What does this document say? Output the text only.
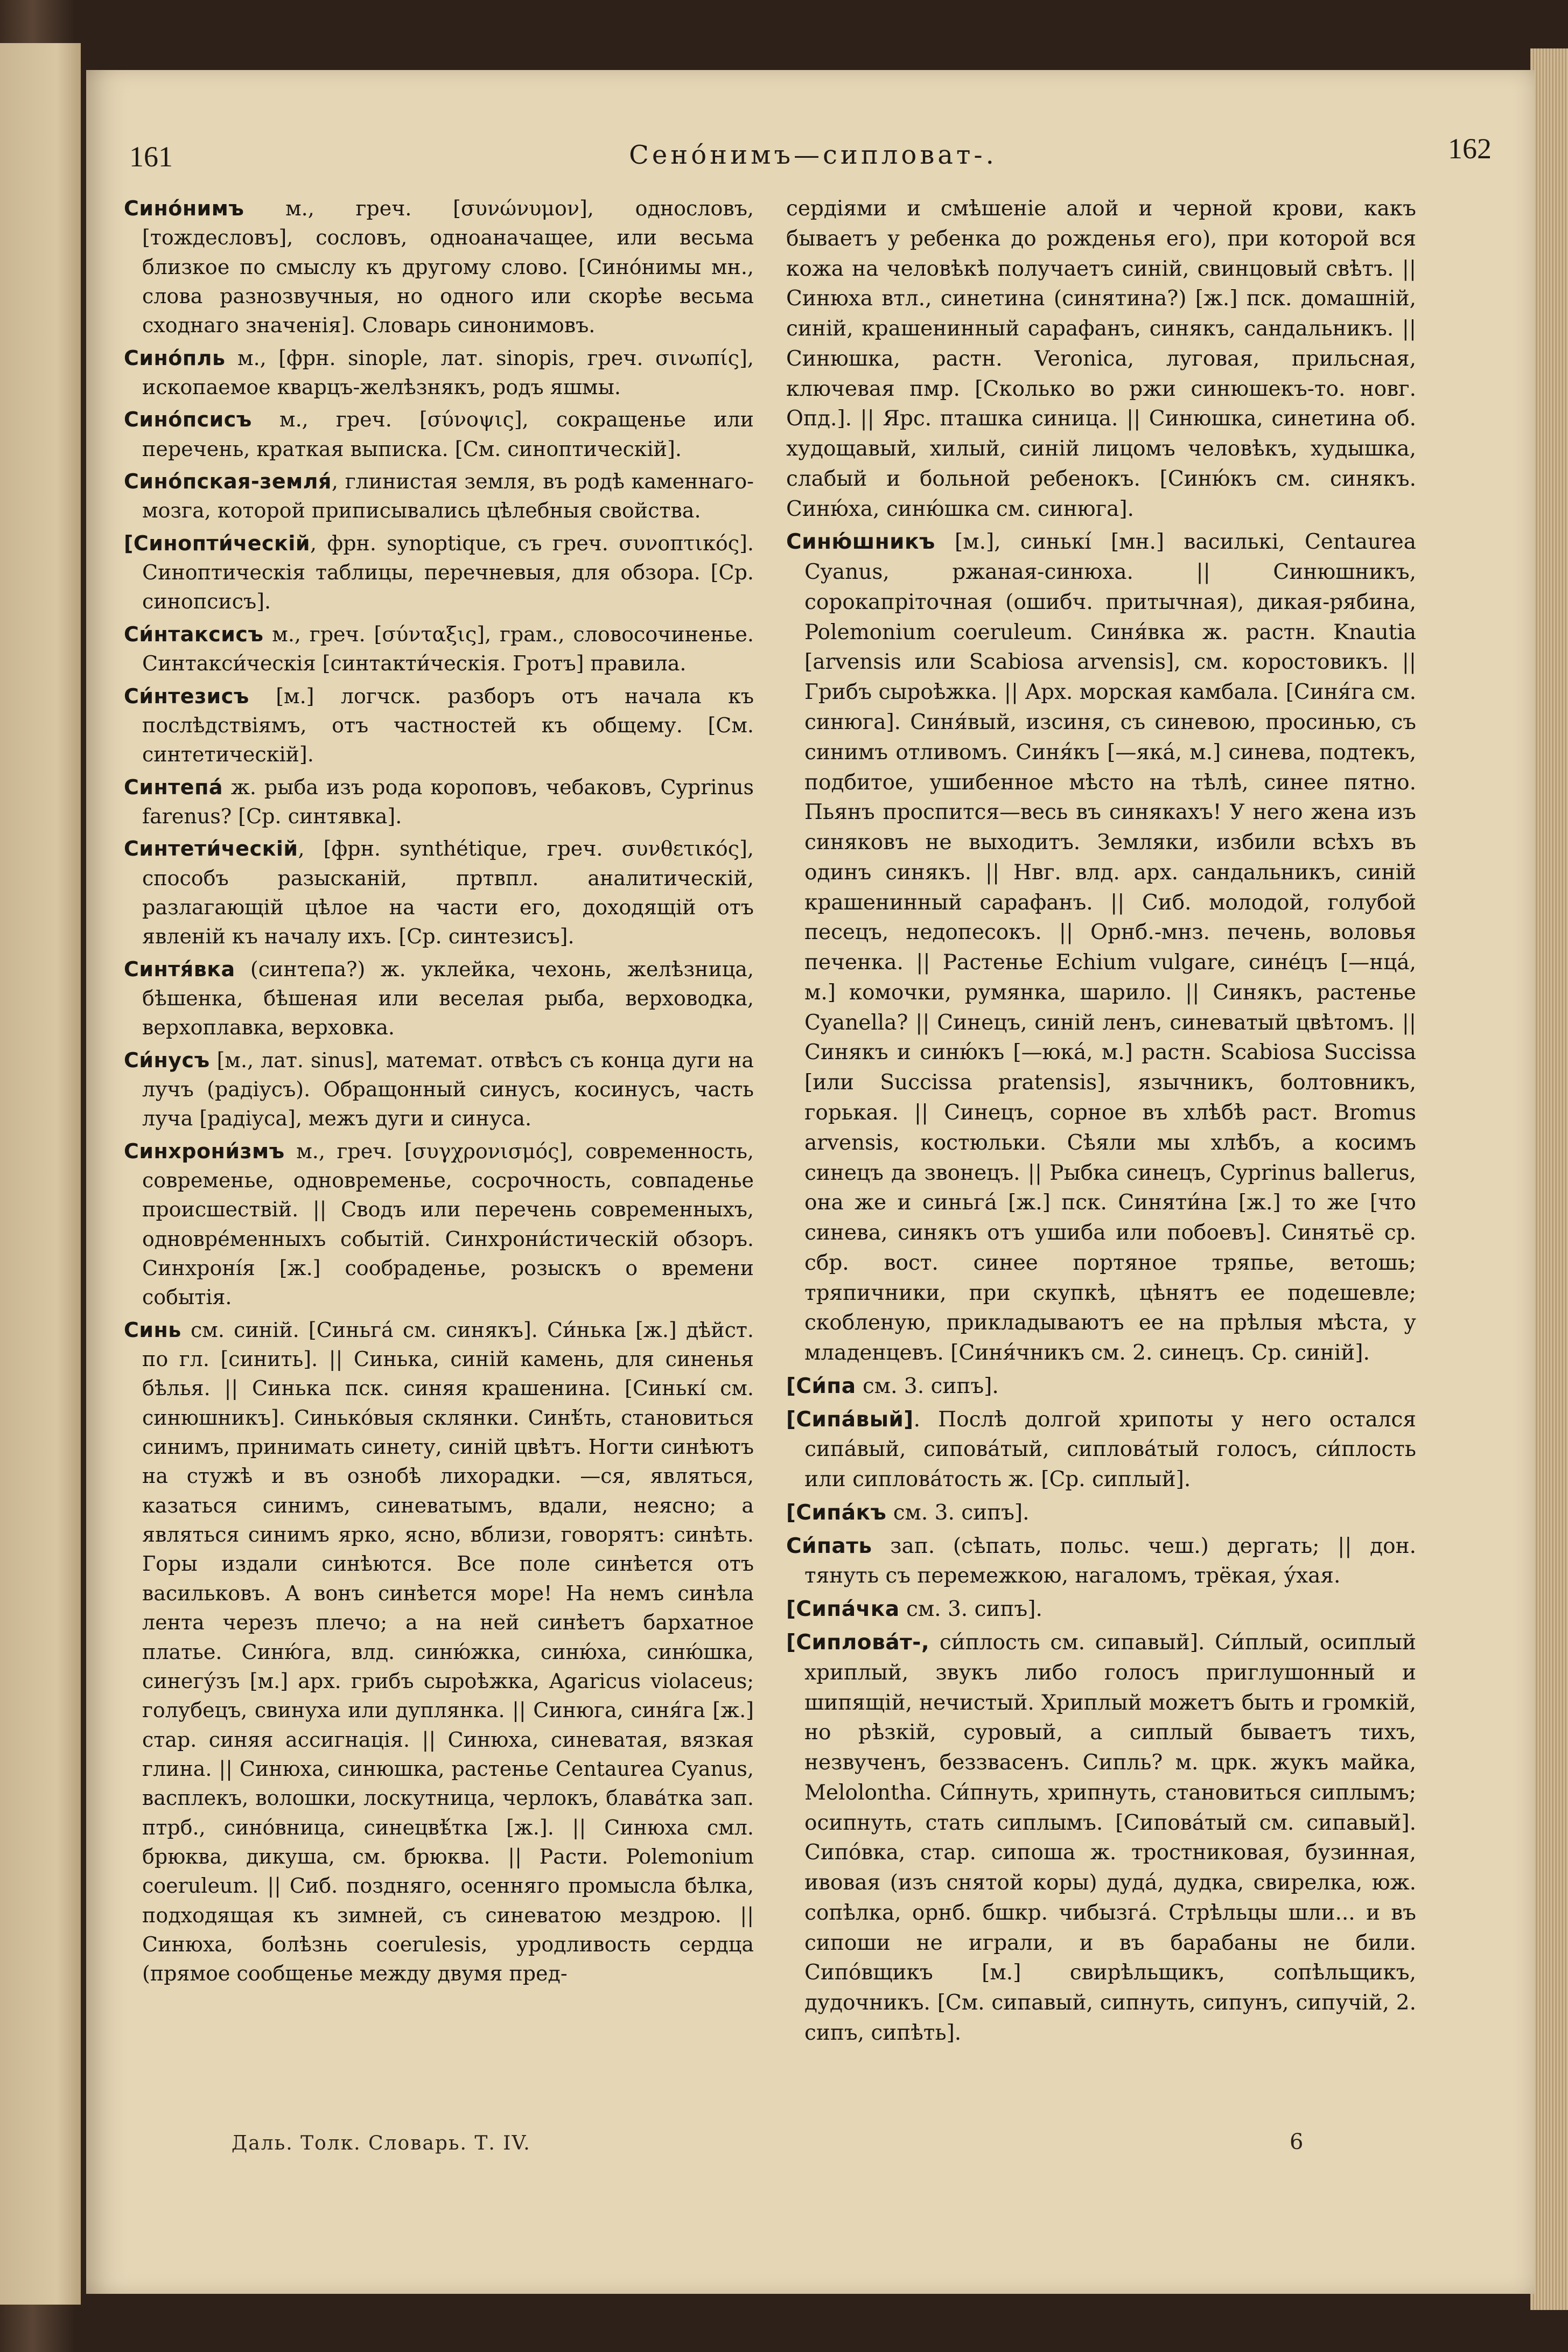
161	Сено́нимъ—сипловат-.	162

Сино́нимъ м., греч. [συνώνυμον], однословъ, [тождесловъ], сословъ, одноаначащее, или весьма близкое по смыслу къ другому слово. [Сино́нимы мн., слова разнозвучныя, но одного или скорѣе весьма сходнаго значенія]. Словарь синонимовъ.

Сино́пль м., [фрн. sinople, лат. sinopis, греч. σινωπίς], ископаемое кварцъ-желѣзнякъ, родъ яшмы.

Сино́псисъ м., греч. [σύνοψις], сокращенье или перечень, краткая выписка. [См. синоптическій].

Сино́пская-земля́, глинистая земля, въ родѣ каменнаго-мозга, которой приписывались цѣлебныя свойства.

[Синопти́ческій, фрн. synoptique, съ греч. συνοπτικός]. Синоптическія таблицы, перечневыя, для обзора. [Ср. синопсисъ].

Си́нтаксисъ м., греч. [σύνταξις], грам., словосочиненье. Синтакси́ческія [синтакти́ческія. Гротъ] правила.

Си́нтезисъ [м.] логчск. разборъ отъ начала къ послѣдствіямъ, отъ частностей къ общему. [См. синтетическій].

Синтепа́ ж. рыба изъ рода короповъ, чебаковъ, Cyprinus farenus? [Ср. синтявка].

Синтети́ческій, [фрн. synthétique, греч. συνθετικός], способъ разысканій, пртвпл. аналитическій, разлагающій цѣлое на части его, доходящій отъ явленій къ началу ихъ. [Ср. синтезисъ].

Синтя́вка (синтепа?) ж. уклейка, чехонь, желѣзница, бѣшенка, бѣшеная или веселая рыба, верховодка, верхоплавка, верховка.

Си́нусъ [м., лат. sinus], математ. отвѣсъ съ конца дуги на лучъ (радіусъ). Обращонный синусъ, косинусъ, часть луча [радіуса], межъ дуги и синуса.

Синхрони́змъ м., греч. [συγχρονισμός], современность, современье, одновременье, сосрочность, совпаденье происшествій. || Сводъ или перечень современныхъ, одновре́менныхъ событій. Синхрони́стическій обзоръ. Синхроні́я [ж.] сообраденье, розыскъ о времени событія.

Синь см. синій. [Синьга́ см. синякъ]. Си́нька [ж.] дѣйст. по гл. [синить]. || Синька, синій камень, для синенья бѣлья. || Синька пск. синяя крашенина. [Синькі́ см. синюшникъ]. Синько́выя склянки. Синѣ́ть, становиться синимъ, принимать синету, синій цвѣтъ. Ногти синѣютъ на стужѣ и въ ознобѣ лихорадки. —ся, являться, казаться синимъ, синеватымъ, вдали, неясно; а являться синимъ ярко, ясно, вблизи, говорятъ: синѣть. Горы издали синѣются. Все поле синѣется отъ васильковъ. А вонъ синѣется море! На немъ синѣла лента черезъ плечо; а на ней синѣетъ бархатное платье. Синю́га, влд. синю́жка, синю́ха, синю́шка, синегу́зъ [м.] арх. грибъ сыроѣжка, Agaricus violaceus; голубецъ, свинуха или дуплянка. || Синюга, синя́га [ж.] стар. синяя ассигнація. || Синюха, синеватая, вязкая глина. || Синюха, синюшка, растенье Centaurea Cyanus, васплекъ, волошки, лоскутница, черлокъ, блава́тка зап. птрб., сино́вница, синецвѣ́тка [ж.]. || Синюха смл. брюква, дикуша, см. брюква. || Расти. Polemonium coeruleum. || Сиб. поздняго, осенняго промысла бѣлка, подходящая къ зимней, съ синеватою мездрою. || Синюха, болѣзнь coerulesis, уродливость сердца (прямое сообщенье между двумя пред-

сердіями и смѣшеніе алой и черной крови, какъ бываетъ у ребенка до рожденья его), при которой вся кожа на человѣкѣ получаетъ синій, свинцовый свѣтъ. || Синюха втл., синетина (синятина?) [ж.] пск. домашній, синій, крашенинный сарафанъ, синякъ, сандальникъ. || Синюшка, растн. Veronica, луговая, прильсная, ключевая пмр. [Сколько во ржи синюшекъ-то. новг. Опд.]. || Ярс. пташка синица. || Синюшка, синетина об. худощавый, хилый, синій лицомъ человѣкъ, худышка, слабый и больной ребенокъ. [Синю́къ см. синякъ. Синю́ха, синю́шка см. синюга].

Синю́шникъ [м.], синькі́ [мн.] василькі, Centaurea Cyanus, ржаная-синюха. || Синюшникъ, сорокапріточная (ошибч. притычная), дикая-рябина, Polemonium coeruleum. Синя́вка ж. растн. Knautia [arvensis или Scabiosa arvensis], см. коростовикъ. || Грибъ сыроѣжка. || Арх. морская камбала. [Синя́га см. синюга]. Синя́вый, изсиня, съ синевою, просинью, съ синимъ отливомъ. Синя́къ [—яка́, м.] синева, подтекъ, подбитое, ушибенное мѣсто на тѣлѣ, синее пятно. Пьянъ проспится—весь въ синякахъ! У него жена изъ синяковъ не выходитъ. Земляки, избили всѣхъ въ одинъ синякъ. || Нвг. влд. арх. сандальникъ, синій крашенинный сарафанъ. || Сиб. молодой, голубой песецъ, недопесокъ. || Орнб.-мнз. печень, воловья печенка. || Растенье Echium vulgare, сине́цъ [—нца́, м.] комочки, румянка, шарило. || Синякъ, растенье Cyanella? || Синецъ, синій ленъ, синеватый цвѣтомъ. || Синякъ и синю́къ [—юка́, м.] растн. Scabiosa Succissa [или Succissa pratensis], язычникъ, болтовникъ, горькая. || Синецъ, сорное въ хлѣбѣ раст. Bromus arvensis, костюльки. Сѣяли мы хлѣбъ, а косимъ синецъ да звонецъ. || Рыбка синецъ, Cyprinus ballerus, она же и синьга́ [ж.] пск. Синяти́на [ж.] то же [что синева, синякъ отъ ушиба или побоевъ]. Синятьё ср. сбр. вост. синее портяное тряпье, ветошь; тряпичники, при скупкѣ, цѣнятъ ее подешевле; скобленую, прикладываютъ ее на прѣлыя мѣста, у младенцевъ. [Синя́чникъ см. 2. синецъ. Ср. синій].

[Си́па см. 3. сипъ].

[Сипа́вый]. Послѣ долгой хрипоты у него остался сипа́вый, сипова́тый, сиплова́тый голосъ, си́плость или сиплова́тость ж. [Ср. сиплый].

[Сипа́къ см. 3. сипъ].

Си́пать зап. (сѣпать, польс. чеш.) дергать; || дон. тянуть съ перемежкою, нагаломъ, трёкая, у́хая.

[Сипа́чка см. 3. сипъ].

[Сиплова́т-, си́плость см. сипавый]. Си́плый, осиплый хриплый, звукъ либо голосъ приглушонный и шипящій, нечистый. Хриплый можетъ быть и громкій, но рѣзкій, суровый, а сиплый бываетъ тихъ, незвученъ, беззвасенъ. Сипль? м. црк. жукъ майка, Melolontha. Си́пнуть, хрипнуть, становиться сиплымъ; осипнуть, стать сиплымъ. [Сипова́тый см. сипавый]. Сипо́вка, стар. сипоша ж. тростниковая, бузинная, ивовая (изъ снятой коры) дуда́, дудка, свирелка, юж. сопѣлка, орнб. бшкр. чибызга́. Стрѣльцы шли... и въ сипоши не играли, и въ барабаны не били. Сипо́вщикъ [м.] свирѣльщикъ, сопѣльщикъ, дудочникъ. [См. сипавый, сипнуть, сипунъ, сипучій, 2. сипъ, сипѣть].

Даль. Толк. Словарь. Т. IV.	6
